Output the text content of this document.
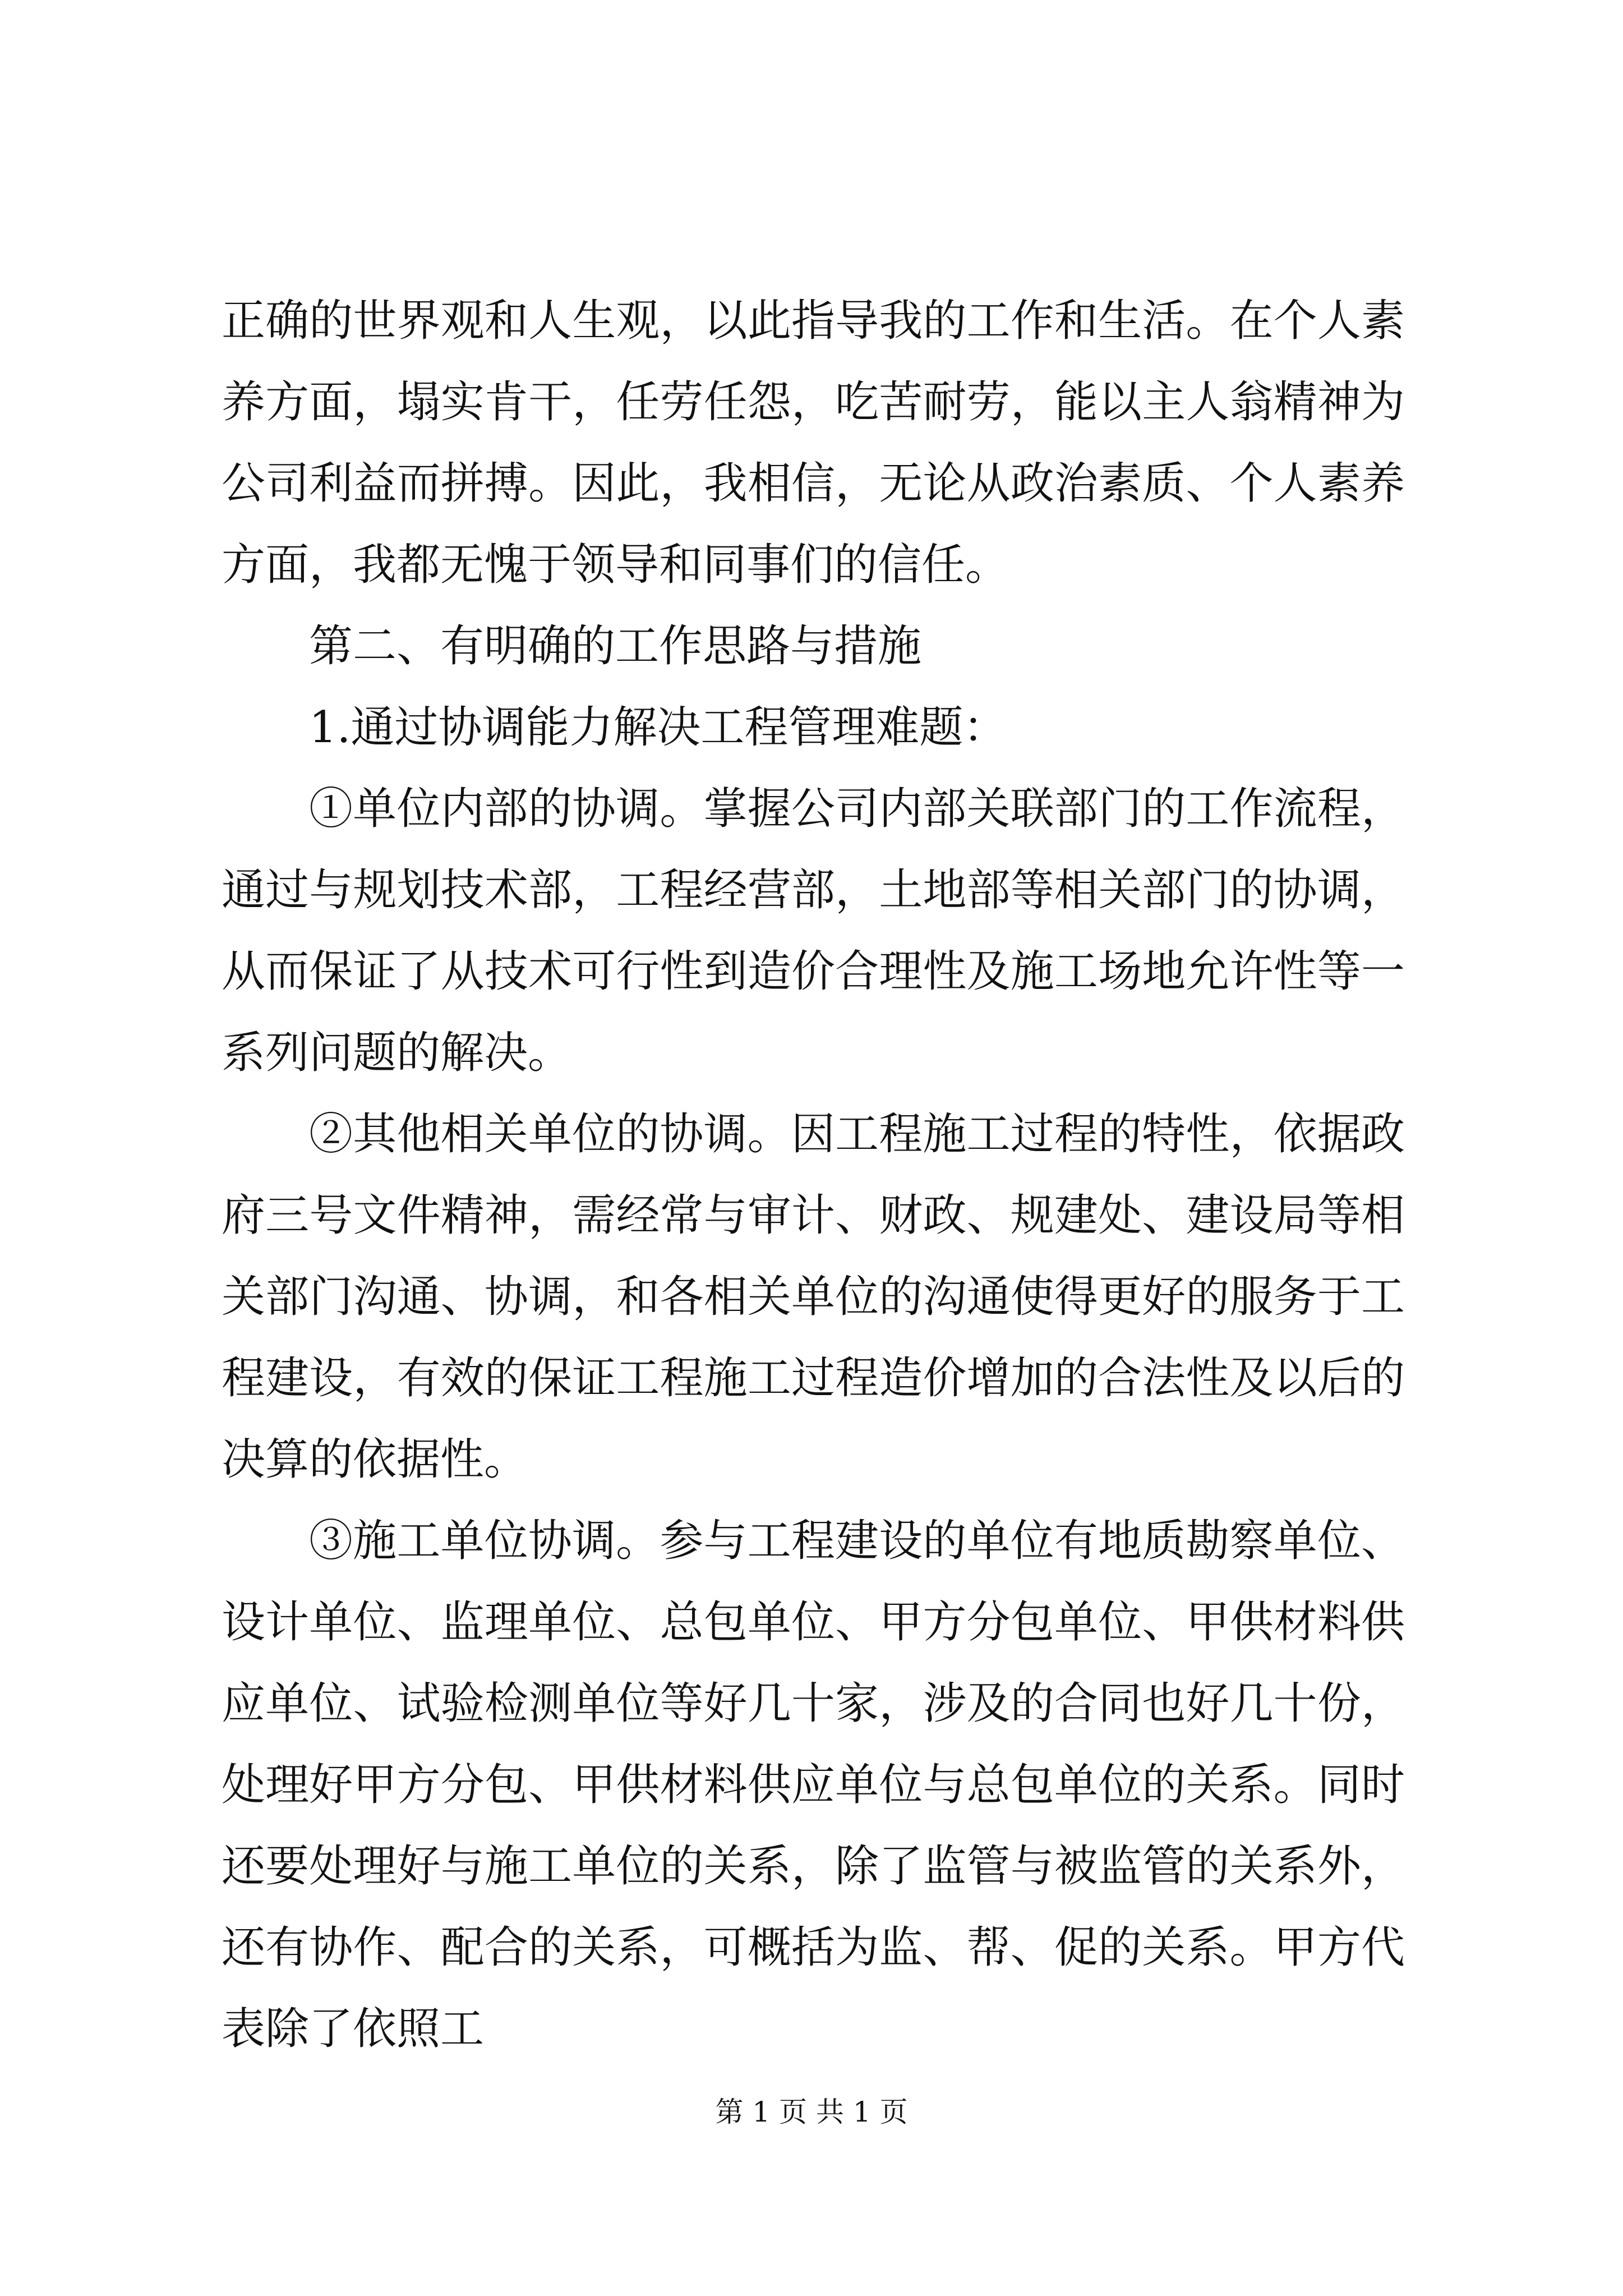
正确的世界观和人生观，以此指导我的工作和生活。在个人素养方面，塌实肯干，任劳任怨，吃苦耐劳，能以主人翁精神为公司利益而拼搏。因此，我相信，无论从政治素质、个人素养方面，我都无愧于领导和同事们的信任。

第二、有明确的工作思路与措施

1.通过协调能力解决工程管理难题：

①单位内部的协调。掌握公司内部关联部门的工作流程，通过与规划技术部，工程经营部，土地部等相关部门的协调，从而保证了从技术可行性到造价合理性及施工场地允许性等一系列问题的解决。

②其他相关单位的协调。因工程施工过程的特性，依据政府三号文件精神，需经常与审计、财政、规建处、建设局等相关部门沟通、协调，和各相关单位的沟通使得更好的服务于工程建设，有效的保证工程施工过程造价增加的合法性及以后的决算的依据性。

③施工单位协调。参与工程建设的单位有地质勘察单位、设计单位、监理单位、总包单位、甲方分包单位、甲供材料供应单位、试验检测单位等好几十家，涉及的合同也好几十份，处理好甲方分包、甲供材料供应单位与总包单位的关系。同时还要处理好与施工单位的关系，除了监管与被监管的关系外，还有协作、配合的关系，可概括为监、帮、促的关系。甲方代表除了依照工

第 1 页 共 1 页
